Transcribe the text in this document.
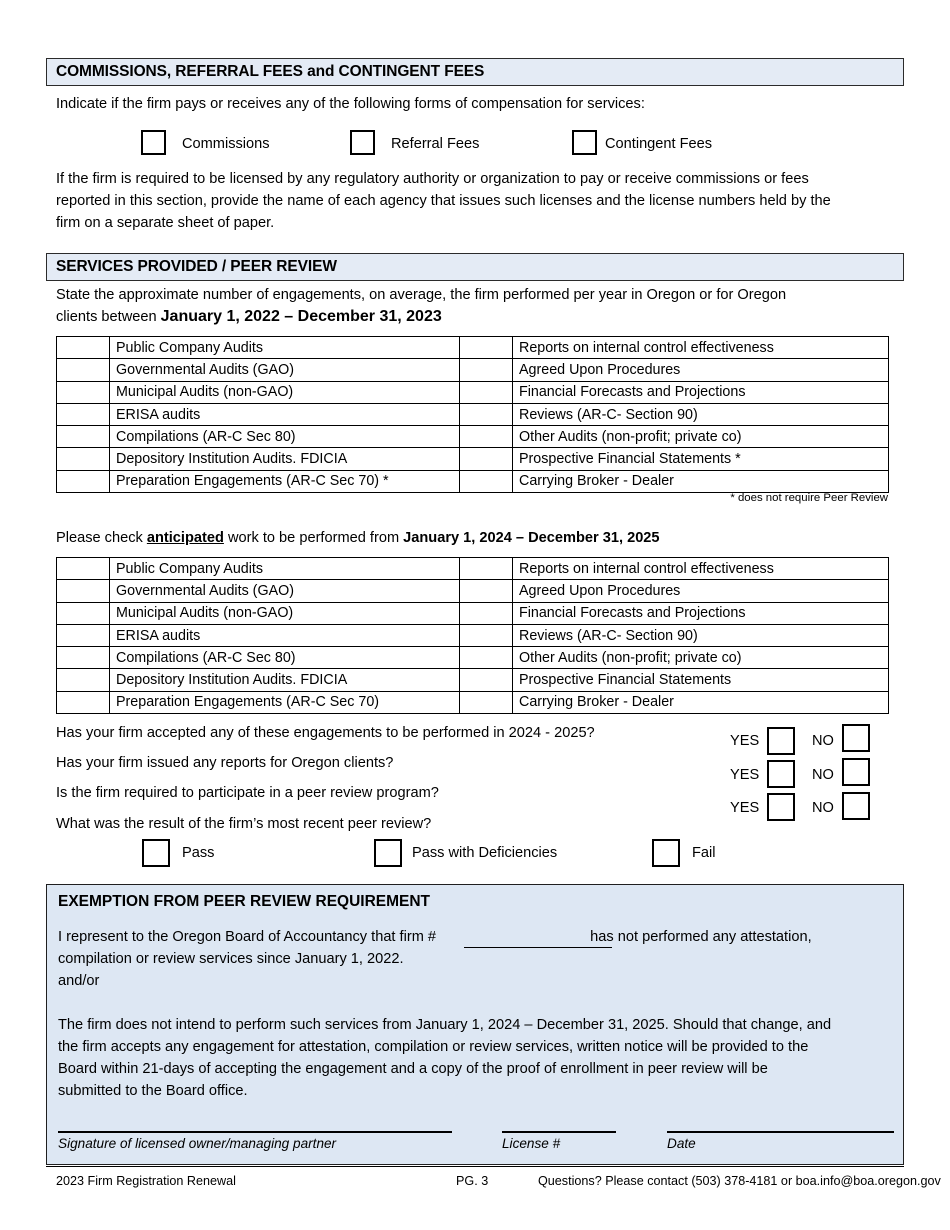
COMMISSIONS, REFERRAL FEES and CONTINGENT FEES
Indicate if the firm pays or receives any of the following forms of compensation for services:
Commissions	Referral Fees	Contingent Fees
If the firm is required to be licensed by any regulatory authority or organization to pay or receive commissions or fees
reported in this section, provide the name of each agency that issues such licenses and the license numbers held by the
firm on a separate sheet of paper.
SERVICES PROVIDED / PEER REVIEW
State the approximate number of engagements, on average, the firm performed per year in Oregon or for Oregon
clients between January 1, 2022 – December 31, 2023
	Public Company Audits		Reports on internal control effectiveness
	Governmental Audits (GAO)		Agreed Upon Procedures
	Municipal Audits (non-GAO)		Financial Forecasts and Projections
	ERISA audits		Reviews (AR-C- Section 90)
	Compilations (AR-C Sec 80)		Other Audits (non-profit; private co)
	Depository Institution Audits. FDICIA		Prospective Financial Statements *
	Preparation Engagements (AR-C Sec 70) *		Carrying Broker - Dealer
* does not require Peer Review
Please check anticipated work to be performed from January 1, 2024 – December 31, 2025
	Public Company Audits		Reports on internal control effectiveness
	Governmental Audits (GAO)		Agreed Upon Procedures
	Municipal Audits (non-GAO)		Financial Forecasts and Projections
	ERISA audits		Reviews (AR-C- Section 90)
	Compilations (AR-C Sec 80)		Other Audits (non-profit; private co)
	Depository Institution Audits. FDICIA		Prospective Financial Statements
	Preparation Engagements (AR-C Sec 70)		Carrying Broker - Dealer
Has your firm accepted any of these engagements to be performed in 2024 - 2025?
Has your firm issued any reports for Oregon clients?
Is the firm required to participate in a peer review program?
What was the result of the firm’s most recent peer review?
YES	NO
YES	NO
YES	NO
Pass	Pass with Deficiencies	Fail
EXEMPTION FROM PEER REVIEW REQUIREMENT
I represent to the Oregon Board of Accountancy that firm #	has not performed any attestation,
compilation or review services since January 1, 2022.
and/or
The firm does not intend to perform such services from January 1, 2024 – December 31, 2025. Should that change, and
the firm accepts any engagement for attestation, compilation or review services, written notice will be provided to the
Board within 21-days of accepting the engagement and a copy of the proof of enrollment in peer review will be
submitted to the Board office.
Signature of licensed owner/managing partner	License #	Date
2023 Firm Registration Renewal	PG. 3	Questions? Please contact (503) 378-4181 or boa.info@boa.oregon.gov
